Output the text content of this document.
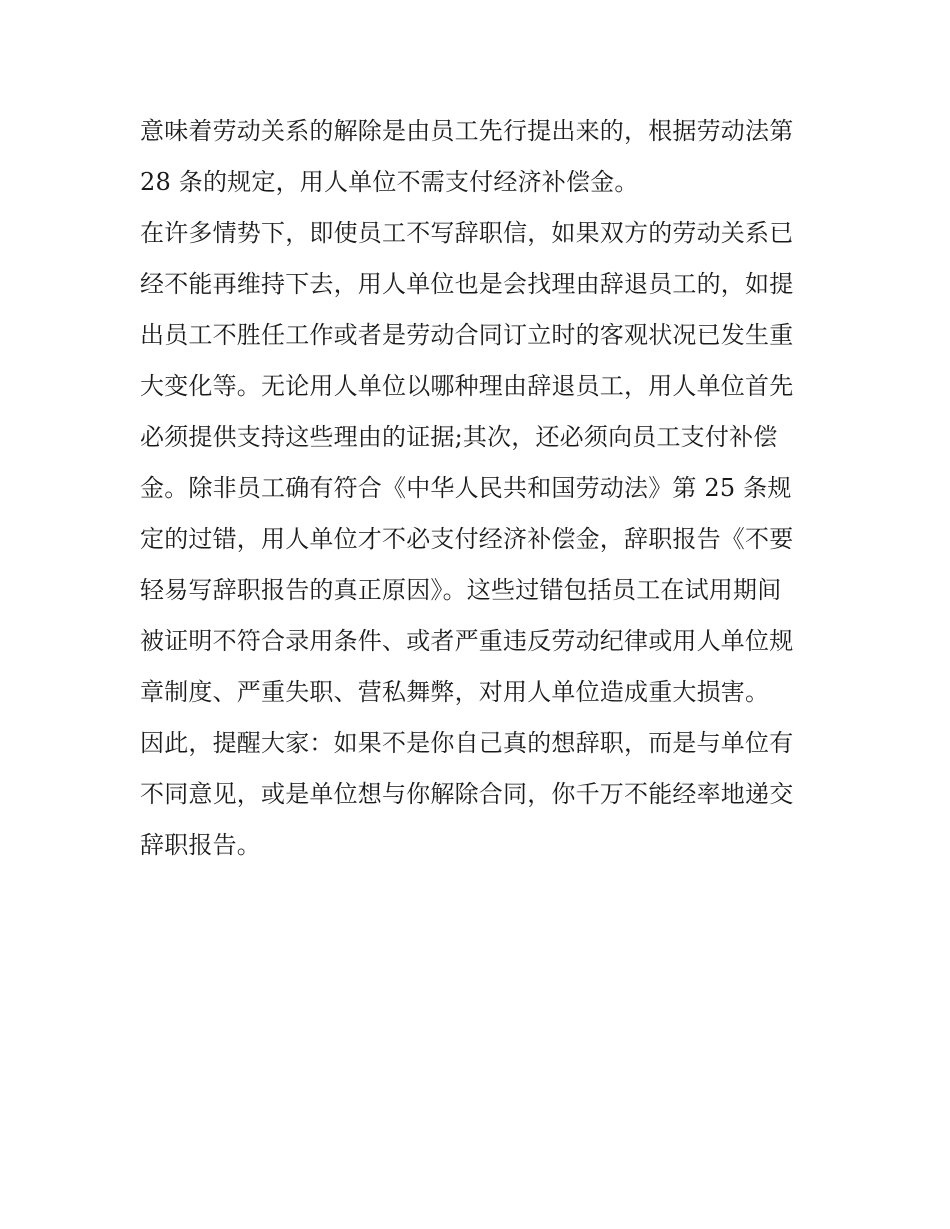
意味着劳动关系的解除是由员工先行提出来的，根据劳动法第
28 条的规定，用人单位不需支付经济补偿金。
在许多情势下，即使员工不写辞职信，如果双方的劳动关系已
经不能再维持下去，用人单位也是会找理由辞退员工的，如提
出员工不胜任工作或者是劳动合同订立时的客观状况已发生重
大变化等。无论用人单位以哪种理由辞退员工，用人单位首先
必须提供支持这些理由的证据;其次，还必须向员工支付补偿
金。除非员工确有符合《中华人民共和国劳动法》第 25 条规
定的过错，用人单位才不必支付经济补偿金，辞职报告《不要
轻易写辞职报告的真正原因》。这些过错包括员工在试用期间
被证明不符合录用条件、或者严重违反劳动纪律或用人单位规
章制度、严重失职、营私舞弊，对用人单位造成重大损害。
因此，提醒大家：如果不是你自己真的想辞职，而是与单位有
不同意见，或是单位想与你解除合同，你千万不能经率地递交
辞职报告。
